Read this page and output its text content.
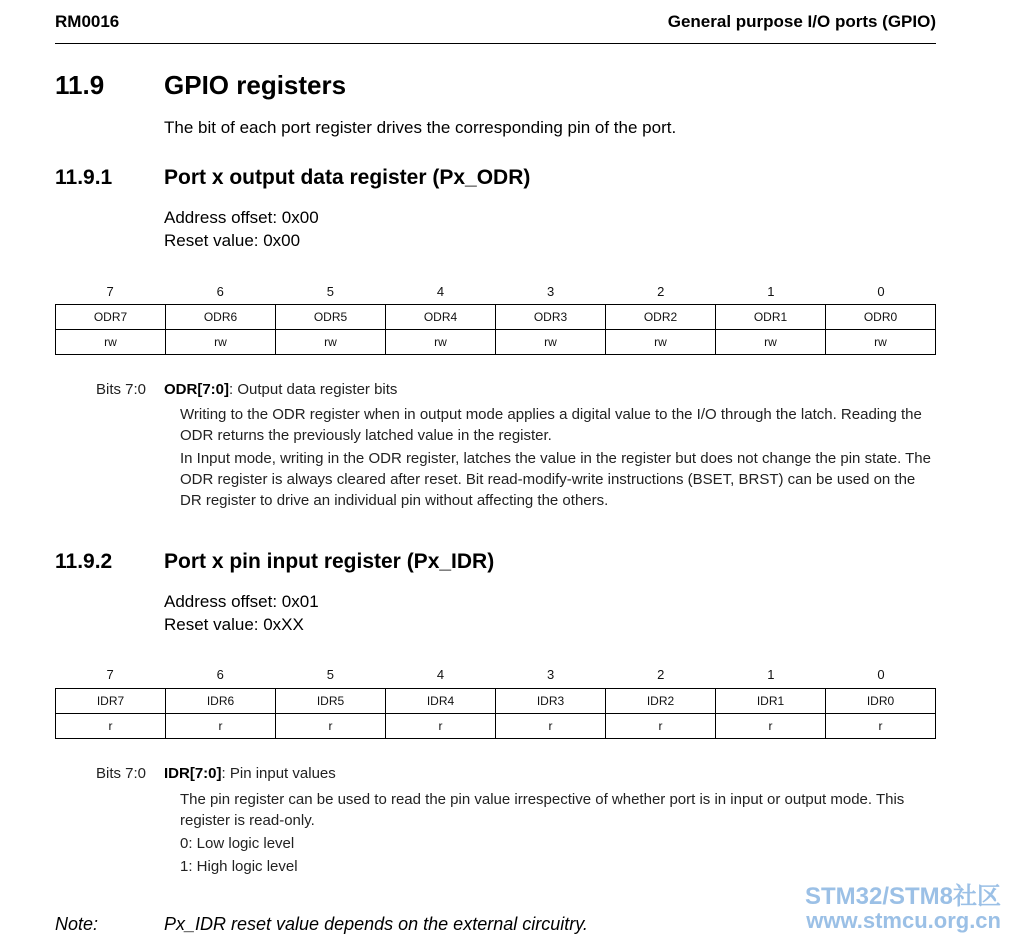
RM0016	General purpose I/O ports (GPIO)
11.9 GPIO registers
The bit of each port register drives the corresponding pin of the port.
11.9.1 Port x output data register (Px_ODR)
Address offset: 0x00
Reset value: 0x00
7	6	5	4	3	2	1	0
ODR7	ODR6	ODR5	ODR4	ODR3	ODR2	ODR1	ODR0
rw	rw	rw	rw	rw	rw	rw	rw
Bits 7:0 ODR[7:0]: Output data register bits

Writing to the ODR register when in output mode applies a digital value to the I/O through the latch. Reading the ODR returns the previously latched value in the register.

In Input mode, writing in the ODR register, latches the value in the register but does not change the pin state. The ODR register is always cleared after reset. Bit read-modify-write instructions (BSET, BRST) can be used on the DR register to drive an individual pin without affecting the others.

11.9.2 Port x pin input register (Px_IDR)
Address offset: 0x01
Reset value: 0xXX
7	6	5	4	3	2	1	0
IDR7	IDR6	IDR5	IDR4	IDR3	IDR2	IDR1	IDR0
r	r	r	r	r	r	r	r
Bits 7:0 IDR[7:0]: Pin input values

The pin register can be used to read the pin value irrespective of whether port is in input or output mode. This register is read-only.

0: Low logic level

1: High logic level

Note:	Px_IDR reset value depends on the external circuitry.
STM32/STM8社区
www.stmcu.org.cn
